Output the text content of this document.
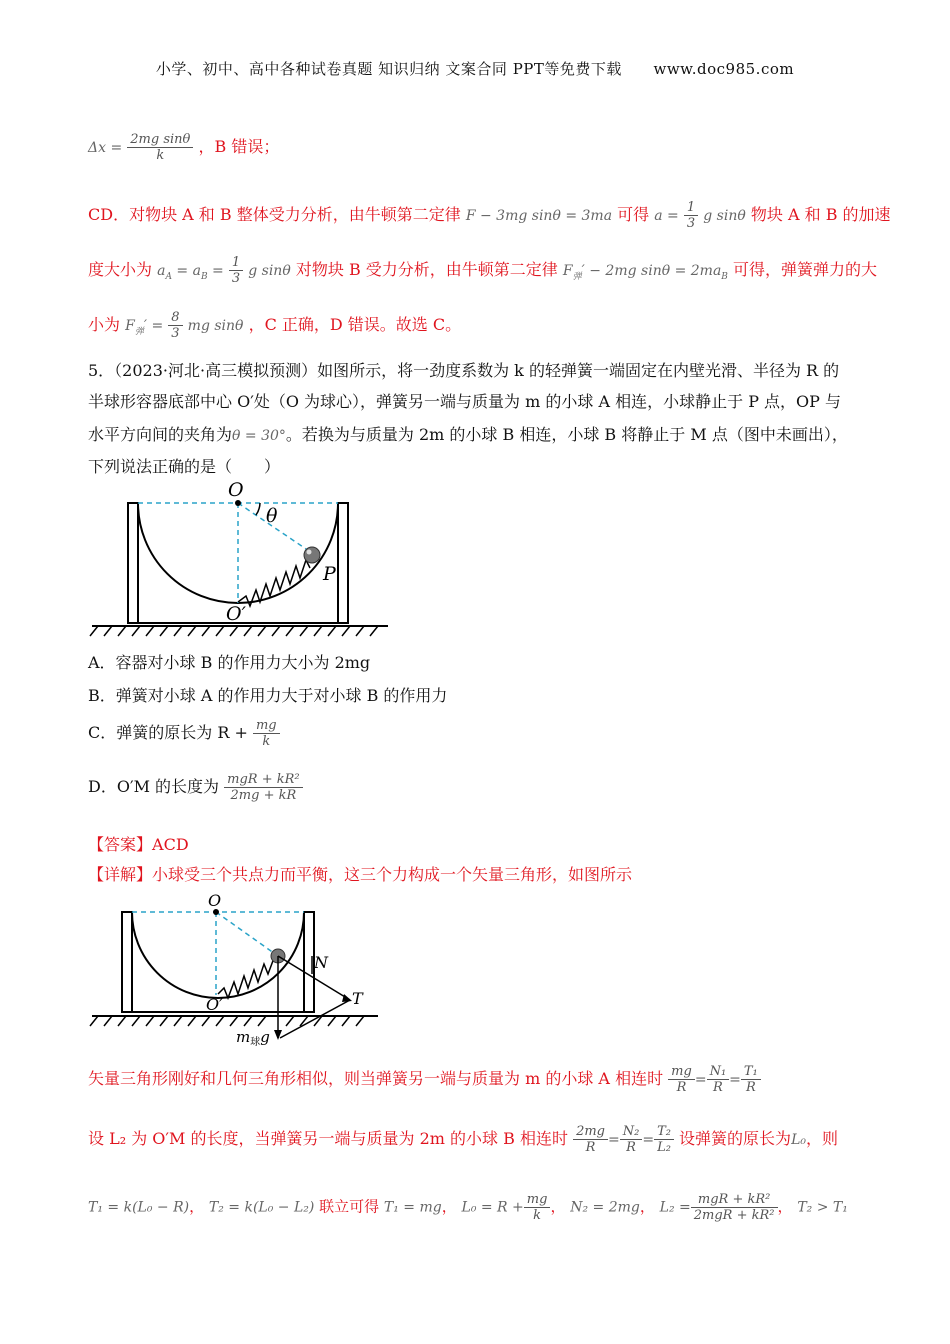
小学、初中、高中各种试卷真题 知识归纳 文案合同 PPT等免费下载 www.doc985.com
$\Delta x = \frac{\text{2mg sinθ}}{k}$ ，B 错误；
CD．对物块 A 和 B 整体受力分析，由牛顿第二定律 F − 3mg sinθ = 3ma 可得 $a = \frac{1}{3}$ g sinθ 物块 A 和 B 的加速
度大小为 $a_A = a_B = \frac{1}{3}$ g sinθ 对物块 B 受力分析，由牛顿第二定律 $F_弹' - 2mg$ $\sin\theta = 2ma_B$ 可得，弹簧弹力的大
小为 $F_弹' = \frac{8}{3}$ mg sinθ ，C 正确，D 错误。故选 C。
5．（2023·河北·高三模拟预测）如图所示，将一劲度系数为 k 的轻弹簧一端固定在内壁光滑、半径为 R 的
半球形容器底部中心 O′处（O 为球心），弹簧另一端与质量为 m 的小球 A 相连，小球静止于 P 点，OP 与
水平方向间的夹角为θ = 30°。若换为与质量为 2m 的小球 B 相连，小球 B 将静止于 M 点（图中未画出），
下列说法正确的是（　　）
O
θ
P
O′
A．容器对小球 B 的作用力大小为 2mg
B．弹簧对小球 A 的作用力大于对小球 B 的作用力
C．弹簧的原长为 $R + \frac{mg}{k}$
D．O′M 的长度为 $\frac{\text{mgR + kR²}}{2mg + kR}$
【答案】ACD
【详解】小球受三个共点力而平衡，这三个力构成一个矢量三角形，如图所示
O
N
T
O′
$m_球g$
矢量三角形刚好和几何三角形相似，则当弹簧另一端与质量为 m 的小球 A 相连时 $\frac{mg}{R} = \frac{\text{N₁}}{R} = \frac{\text{T₁}}{R}$
设 L₂ 为 O′M 的长度，当弹簧另一端与质量为 2m 的小球 B 相连时 $\frac{2mg}{R} = \frac{\text{N₂}}{R} = \frac{\text{T₂}}{\text{L₂}}$ 设弹簧的原长为L₀，则
T₁ = k(L₀ − R)， T₂ = k(L₀ − L₂) 联立可得 T₁ = mg， $L_0 = R + \frac{mg}{k}$ ， N₂ = 2mg， $L_2 = \frac{\text{mgR + kR²}}{\text{2mgR + kR²}}$ ， T₂ > T₁
